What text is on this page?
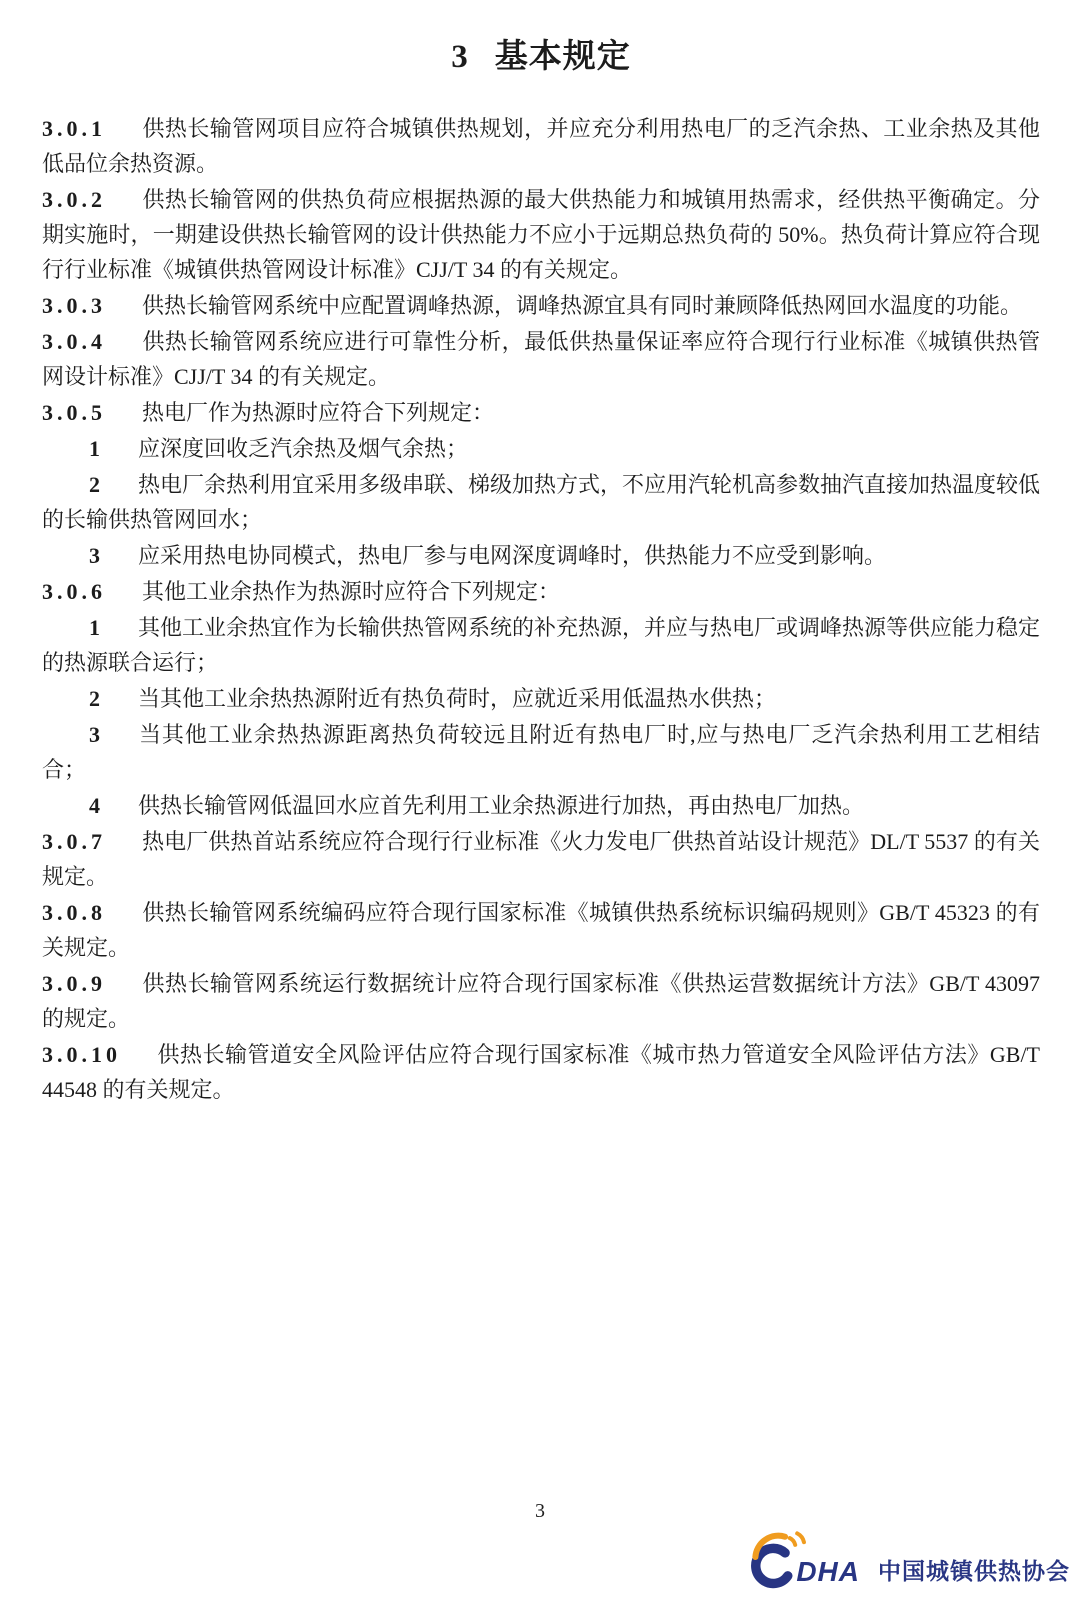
3 基本规定

3.0.1 供热长输管网项目应符合城镇供热规划，并应充分利用热电厂的乏汽余热、工业余热及其他低品位余热资源。

3.0.2 供热长输管网的供热负荷应根据热源的最大供热能力和城镇用热需求，经供热平衡确定。分期实施时，一期建设供热长输管网的设计供热能力不应小于远期总热负荷的 50%。热负荷计算应符合现行行业标准《城镇供热管网设计标准》CJJ/T 34 的有关规定。

3.0.3 供热长输管网系统中应配置调峰热源，调峰热源宜具有同时兼顾降低热网回水温度的功能。

3.0.4 供热长输管网系统应进行可靠性分析，最低供热量保证率应符合现行行业标准《城镇供热管网设计标准》CJJ/T 34 的有关规定。

3.0.5 热电厂作为热源时应符合下列规定：

1 应深度回收乏汽余热及烟气余热；

2 热电厂余热利用宜采用多级串联、梯级加热方式，不应用汽轮机高参数抽汽直接加热温度较低的长输供热管网回水；

3 应采用热电协同模式，热电厂参与电网深度调峰时，供热能力不应受到影响。

3.0.6 其他工业余热作为热源时应符合下列规定：

1 其他工业余热宜作为长输供热管网系统的补充热源，并应与热电厂或调峰热源等供应能力稳定的热源联合运行；

2 当其他工业余热热源附近有热负荷时，应就近采用低温热水供热；

3 当其他工业余热热源距离热负荷较远且附近有热电厂时,应与热电厂乏汽余热利用工艺相结合；

4 供热长输管网低温回水应首先利用工业余热源进行加热，再由热电厂加热。

3.0.7 热电厂供热首站系统应符合现行行业标准《火力发电厂供热首站设计规范》DL/T 5537 的有关规定。

3.0.8 供热长输管网系统编码应符合现行国家标准《城镇供热系统标识编码规则》GB/T 45323 的有关规定。

3.0.9 供热长输管网系统运行数据统计应符合现行国家标准《供热运营数据统计方法》GB/T 43097 的规定。

3.0.10 供热长输管道安全风险评估应符合现行国家标准《城市热力管道安全风险评估方法》GB/T 44548 的有关规定。

3
DHA 中国城镇供热协会
